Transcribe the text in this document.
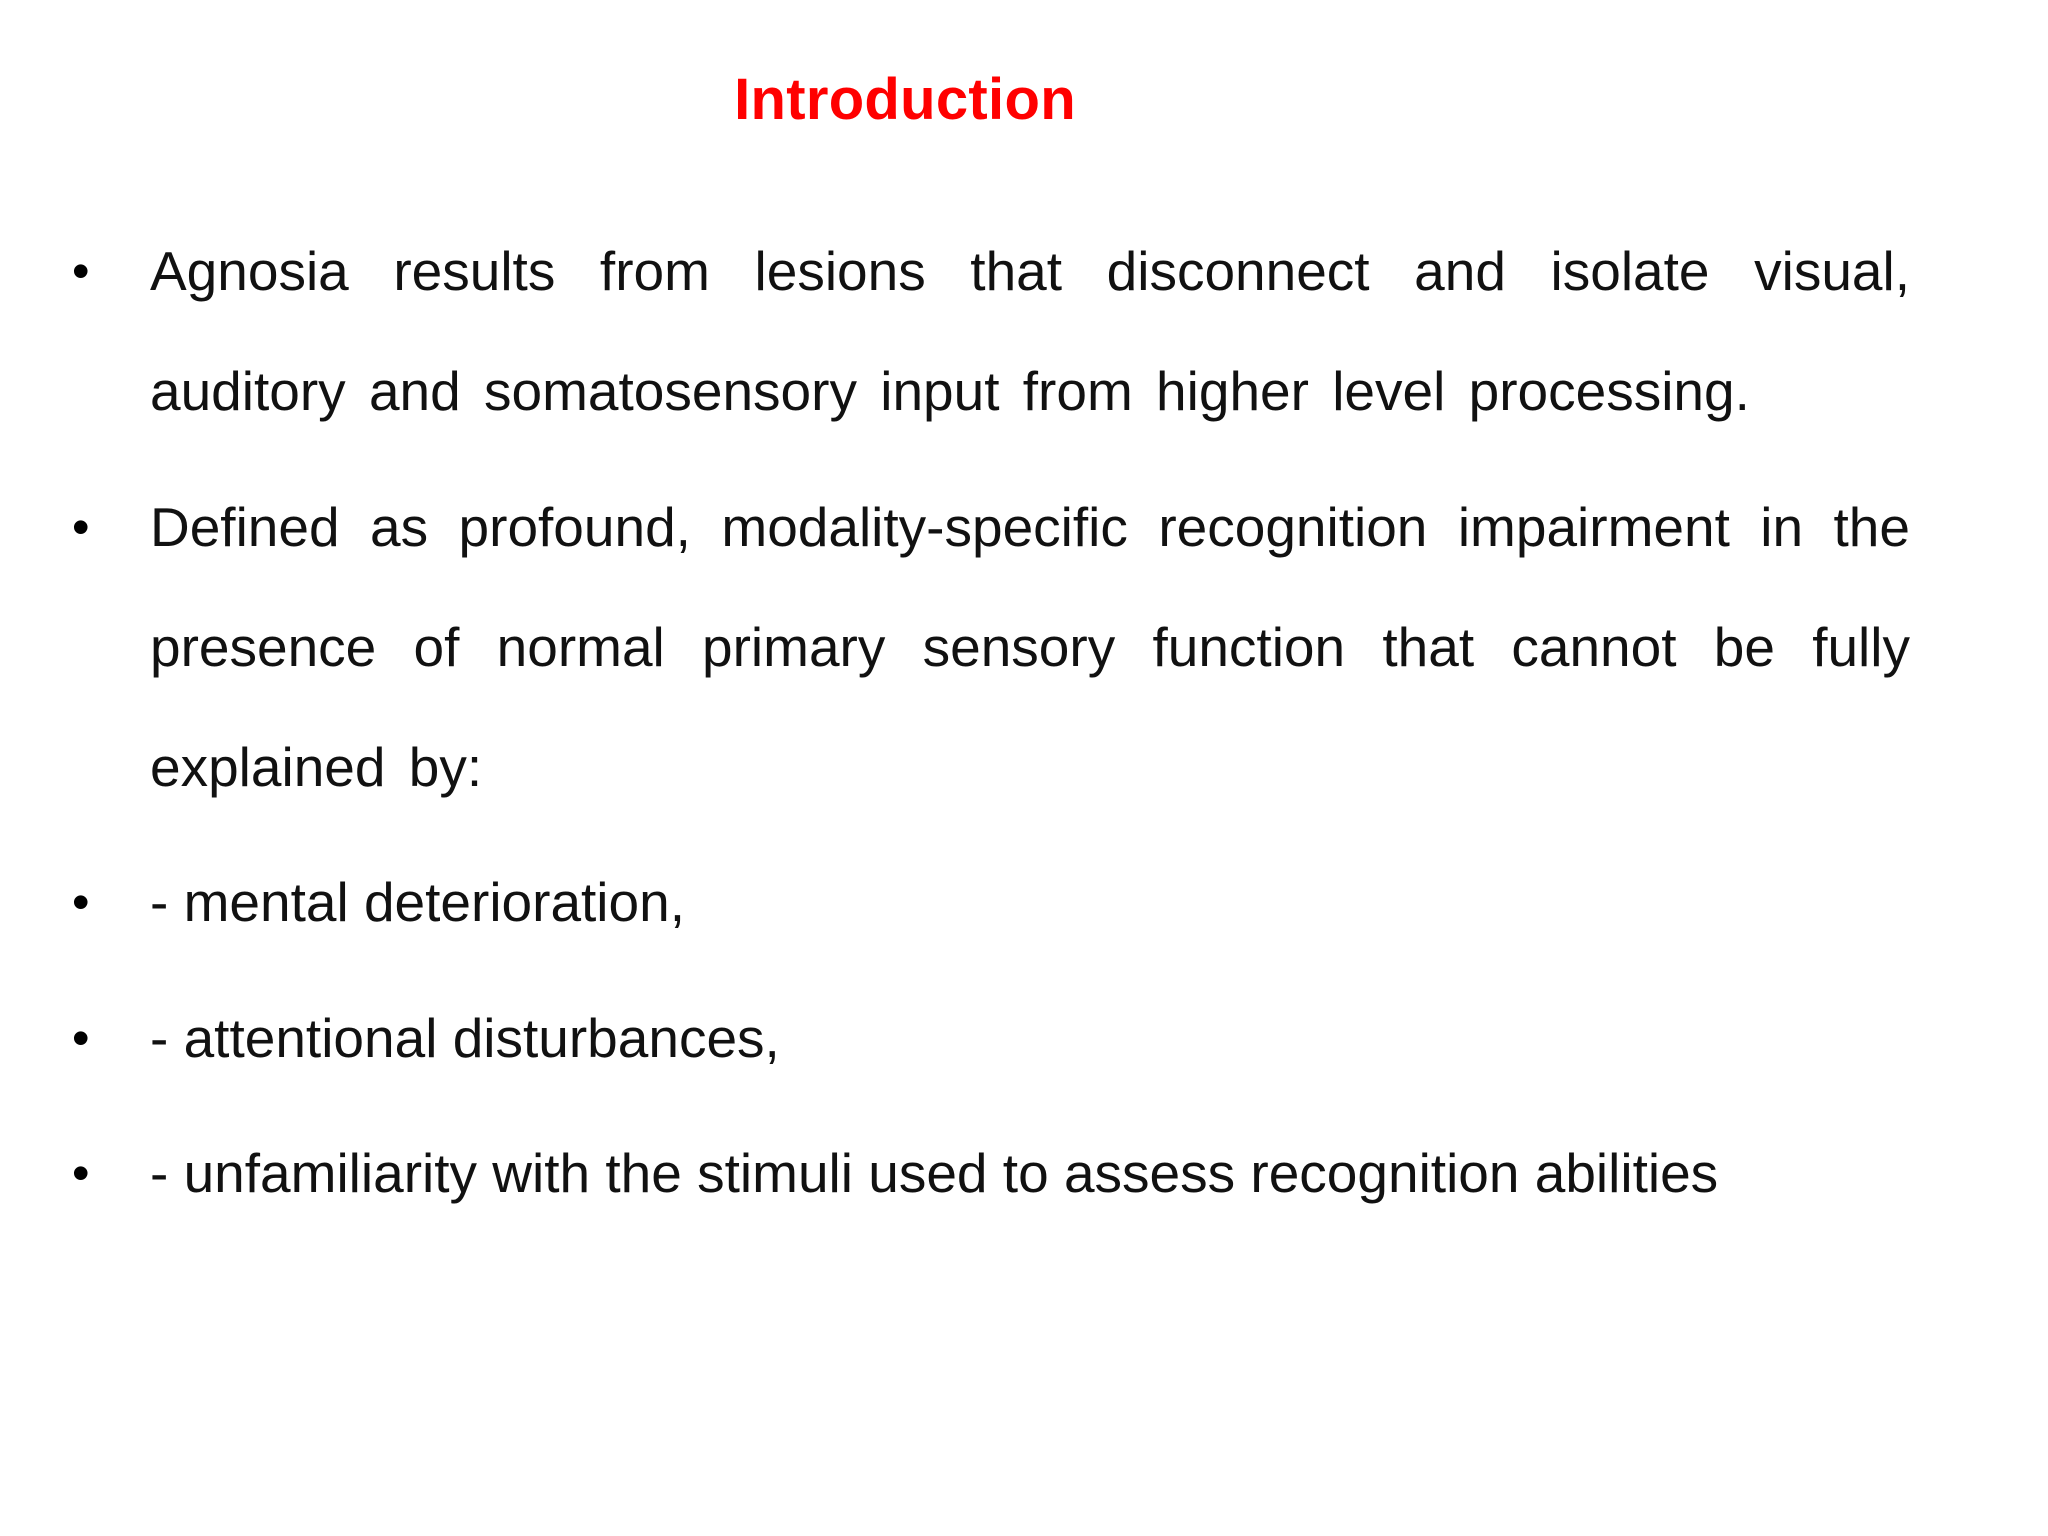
Introduction
• Agnosia results from lesions that disconnect and isolate visual, auditory and somatosensory input from higher level processing.

• Defined as profound, modality-specific recognition impairment in the presence of normal primary sensory function that cannot be fully explained by:

• - mental deterioration,

• - attentional disturbances,

• - unfamiliarity with the stimuli used to assess recognition abilities
